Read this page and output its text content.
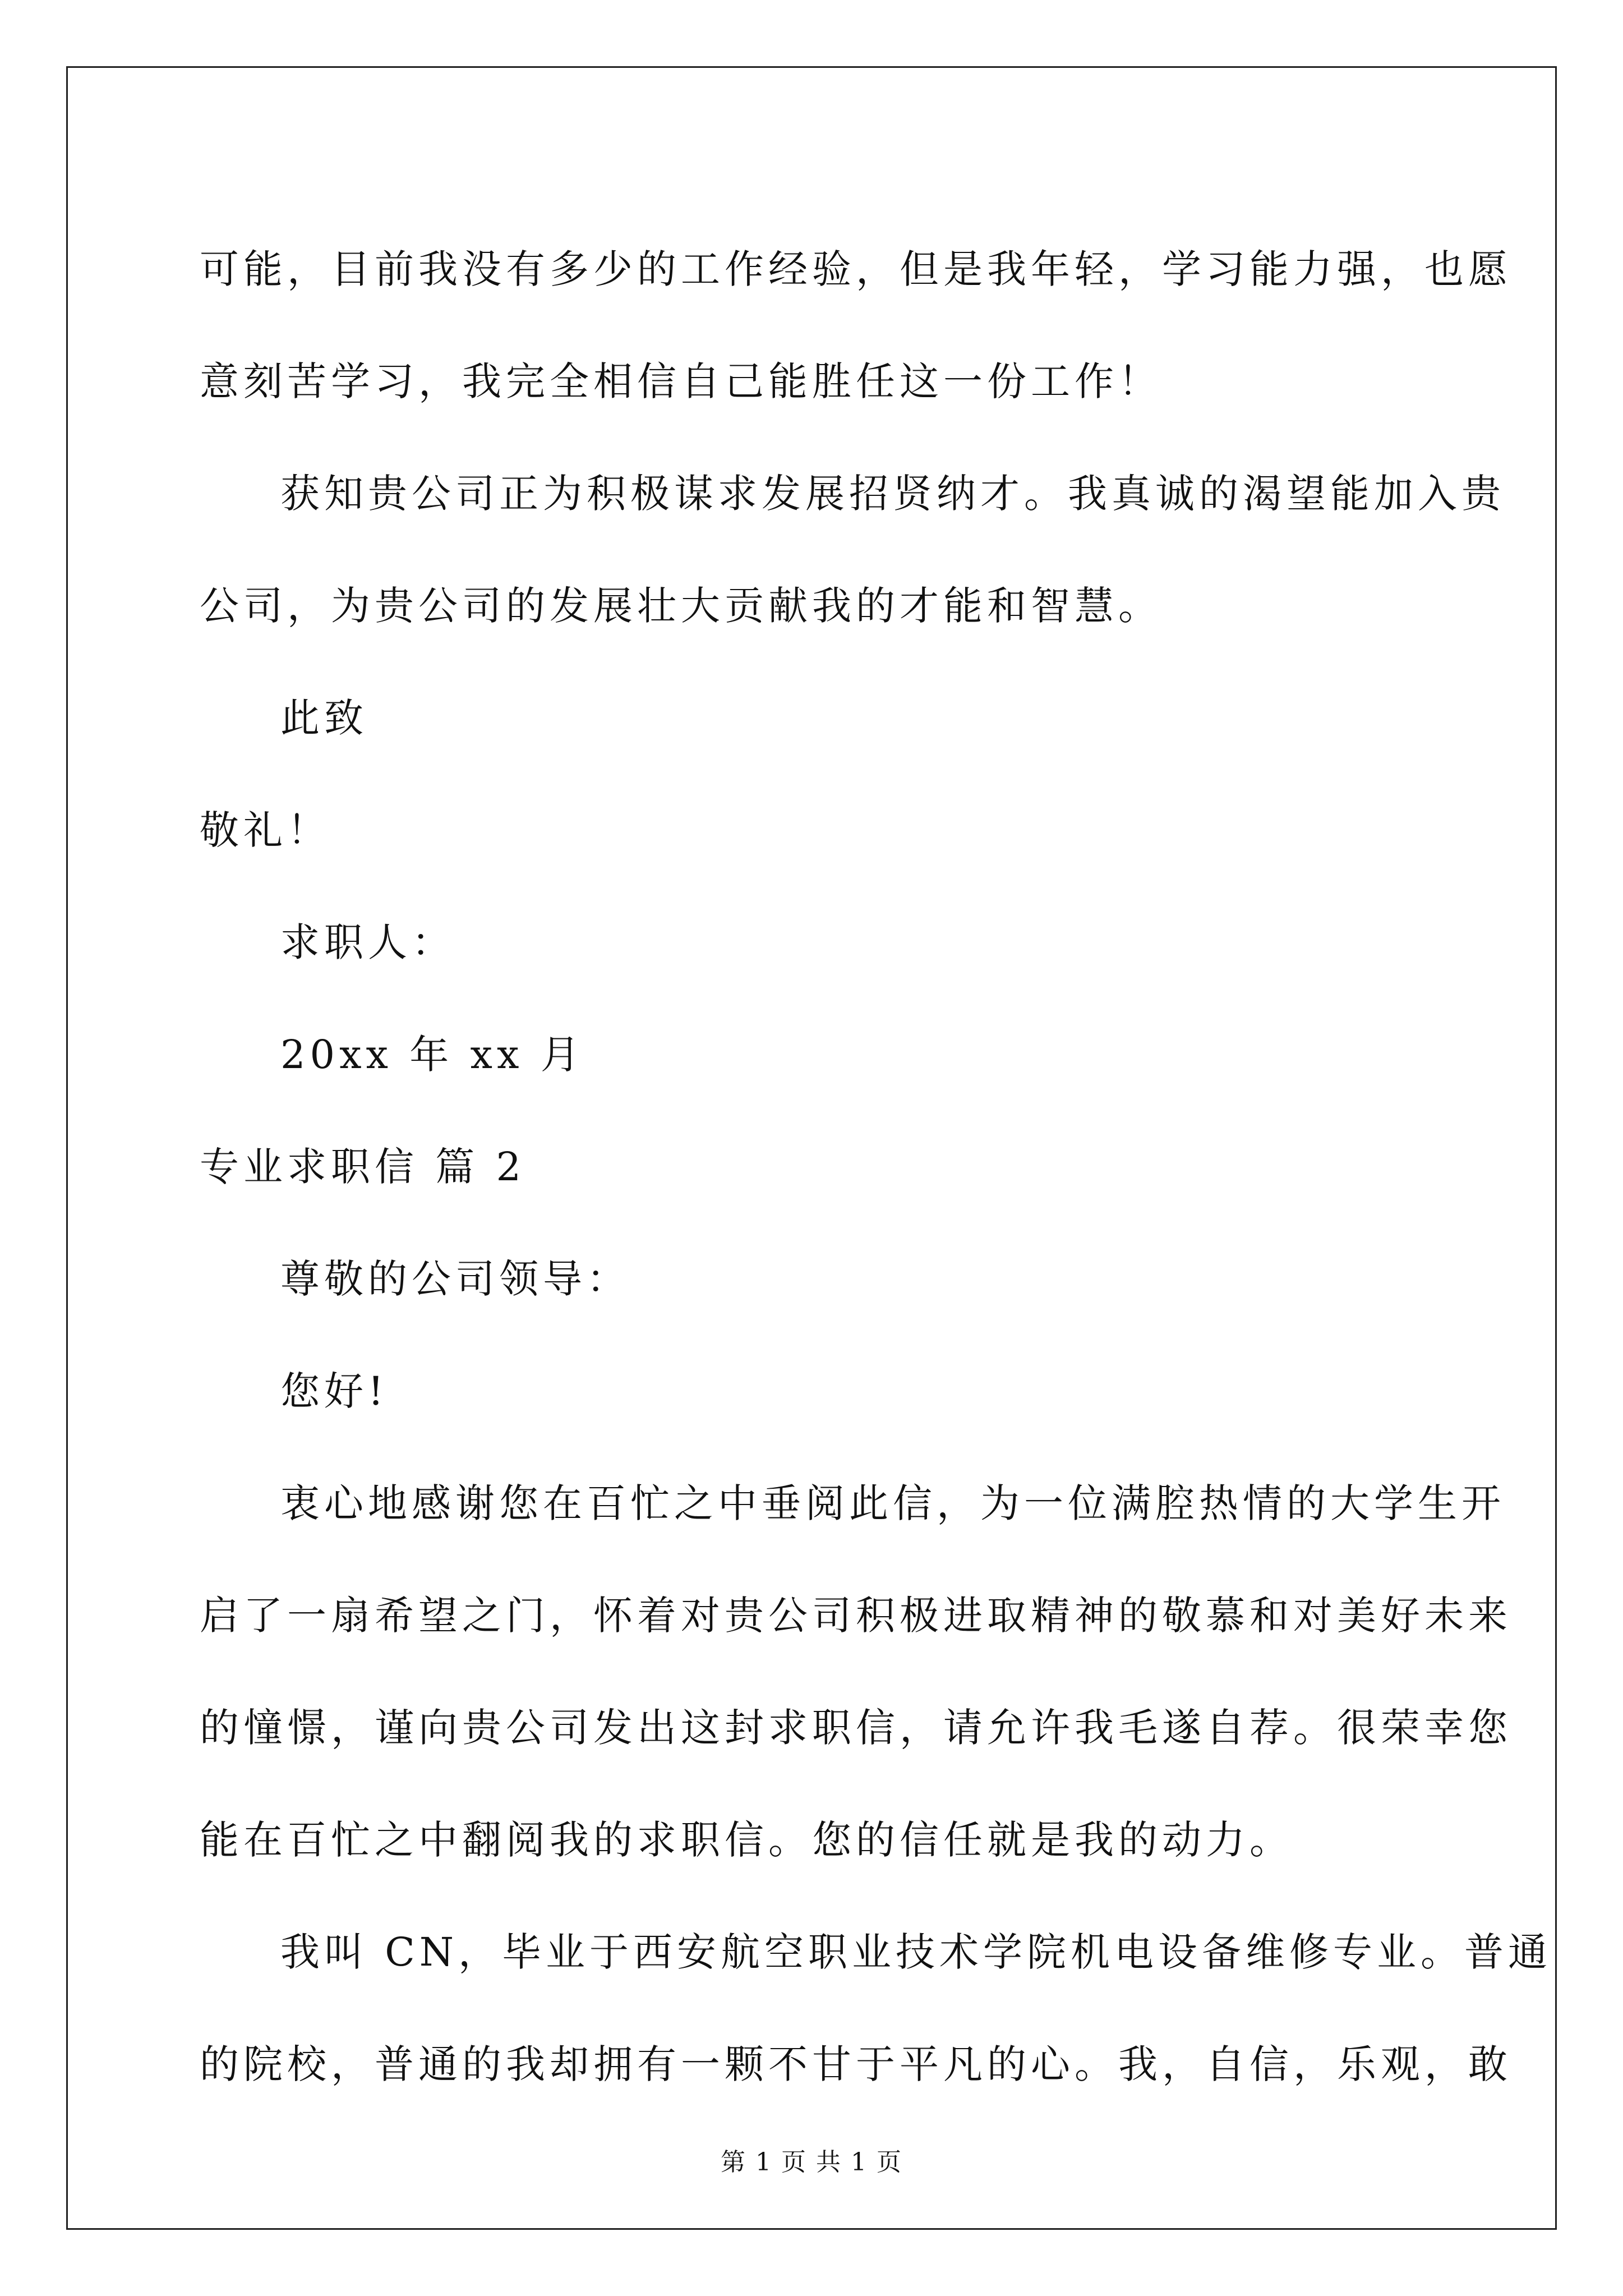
可能，目前我没有多少的工作经验，但是我年轻，学习能力强，也愿
意刻苦学习，我完全相信自己能胜任这一份工作！

获知贵公司正为积极谋求发展招贤纳才。我真诚的渴望能加入贵
公司，为贵公司的发展壮大贡献我的才能和智慧。

此致

敬礼！

求职人：

20xx 年 xx 月

专业求职信 篇 2

尊敬的公司领导：

您好!

衷心地感谢您在百忙之中垂阅此信，为一位满腔热情的大学生开
启了一扇希望之门，怀着对贵公司积极进取精神的敬慕和对美好未来
的憧憬，谨向贵公司发出这封求职信，请允许我毛遂自荐。很荣幸您
能在百忙之中翻阅我的求职信。您的信任就是我的动力。

我叫 CN，毕业于西安航空职业技术学院机电设备维修专业。普通
的院校，普通的我却拥有一颗不甘于平凡的心。我，自信，乐观，敢

第 1 页 共 1 页
